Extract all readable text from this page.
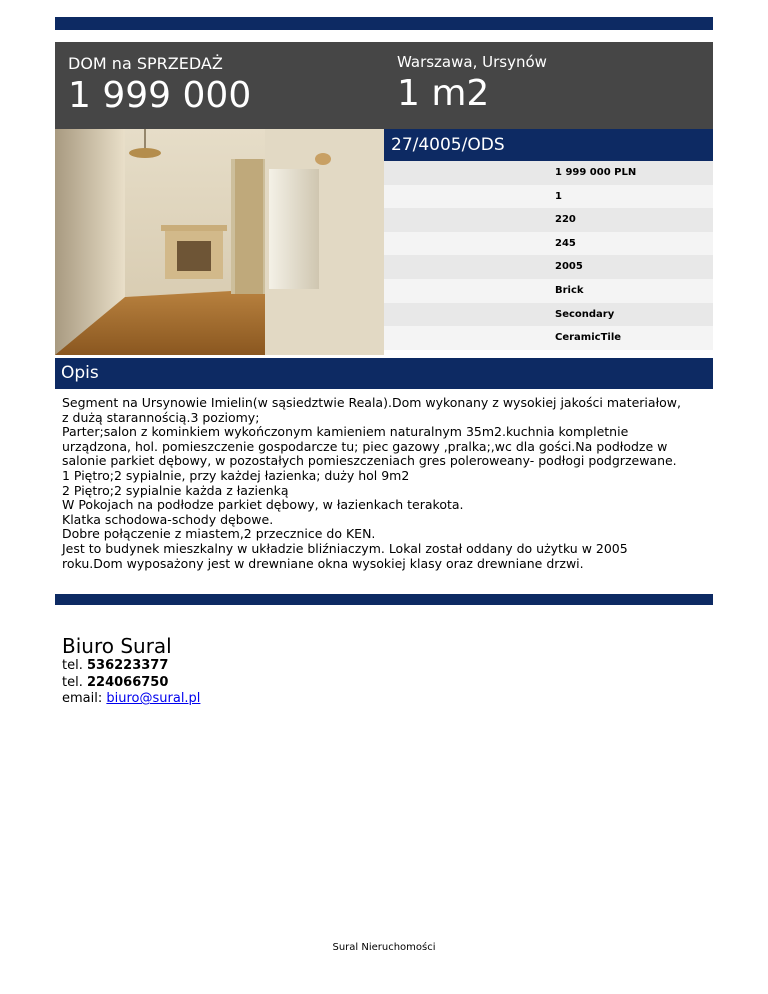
DOM na SPRZEDAŻ
1 999 000
Warszawa, Ursynów
1 m2
27/4005/ODS
1 999 000 PLN
1
220
245
2005
Brick
Secondary
CeramicTile
Opis
Segment na Ursynowie Imielin(w sąsiedztwie Reala).Dom wykonany z wysokiej jakości materiałow,
z dużą starannością.3 poziomy;
Parter;salon z kominkiem wykończonym kamieniem naturalnym 35m2.kuchnia kompletnie
urządzona, hol. pomieszczenie gospodarcze tu; piec gazowy ,pralka;,wc dla gości.Na podłodze w
salonie parkiet dębowy, w pozostałych pomieszczeniach gres poleroweany- podłogi podgrzewane.
1 Piętro;2 sypialnie, przy każdej łazienka; duży hol 9m2
2 Piętro;2 sypialnie każda z łazienką
W Pokojach na podłodze parkiet dębowy, w łazienkach terakota.
Klatka schodowa-schody dębowe.
Dobre połączenie z miastem,2 przecznice do KEN.
Jest to budynek mieszkalny w układzie bliźniaczym. Lokal został oddany do użytku w 2005
roku.Dom wyposażony jest w drewniane okna wysokiej klasy oraz drewniane drzwi.
Biuro Sural
tel. 536223377
tel. 224066750
email: biuro@sural.pl
Sural Nieruchomości
